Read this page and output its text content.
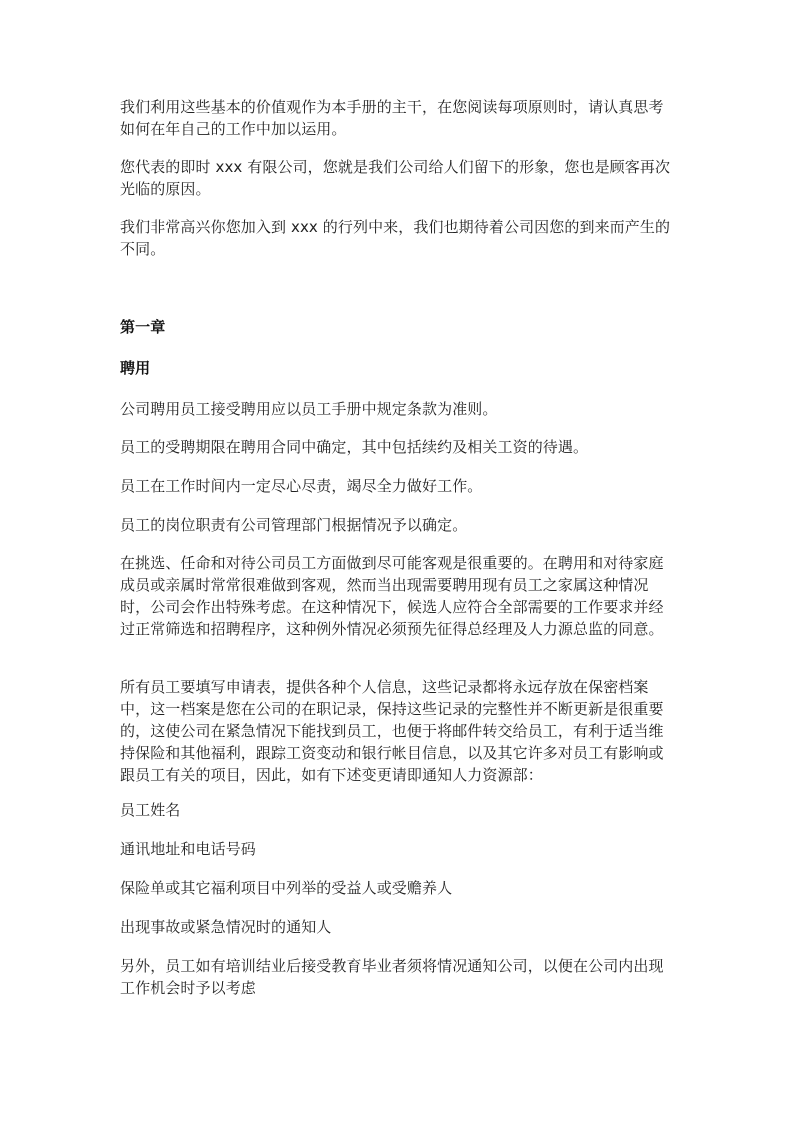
我们利用这些基本的价值观作为本手册的主干，在您阅读每项原则时，请认真思考如何在年自己的工作中加以运用。

您代表的即时 xxx 有限公司，您就是我们公司给人们留下的形象，您也是顾客再次光临的原因。

我们非常高兴你您加入到 xxx 的行列中来，我们也期待着公司因您的到来而产生的不同。

第一章

聘用

公司聘用员工接受聘用应以员工手册中规定条款为准则。

员工的受聘期限在聘用合同中确定，其中包括续约及相关工资的待遇。

员工在工作时间内一定尽心尽责，竭尽全力做好工作。

员工的岗位职责有公司管理部门根据情况予以确定。

在挑选、任命和对待公司员工方面做到尽可能客观是很重要的。在聘用和对待家庭成员或亲属时常常很难做到客观，然而当出现需要聘用现有员工之家属这种情况时，公司会作出特殊考虑。在这种情况下，候选人应符合全部需要的工作要求并经过正常筛选和招聘程序，这种例外情况必须预先征得总经理及人力源总监的同意。

所有员工要填写申请表，提供各种个人信息，这些记录都将永远存放在保密档案中，这一档案是您在公司的在职记录，保持这些记录的完整性并不断更新是很重要的，这使公司在紧急情况下能找到员工，也便于将邮件转交给员工，有利于适当维持保险和其他福利，跟踪工资变动和银行帐目信息，以及其它许多对员工有影响或跟员工有关的项目，因此，如有下述变更请即通知人力资源部：

员工姓名

通讯地址和电话号码

保险单或其它福利项目中列举的受益人或受赡养人

出现事故或紧急情况时的通知人

另外，员工如有培训结业后接受教育毕业者须将情况通知公司，以便在公司内出现工作机会时予以考虑
